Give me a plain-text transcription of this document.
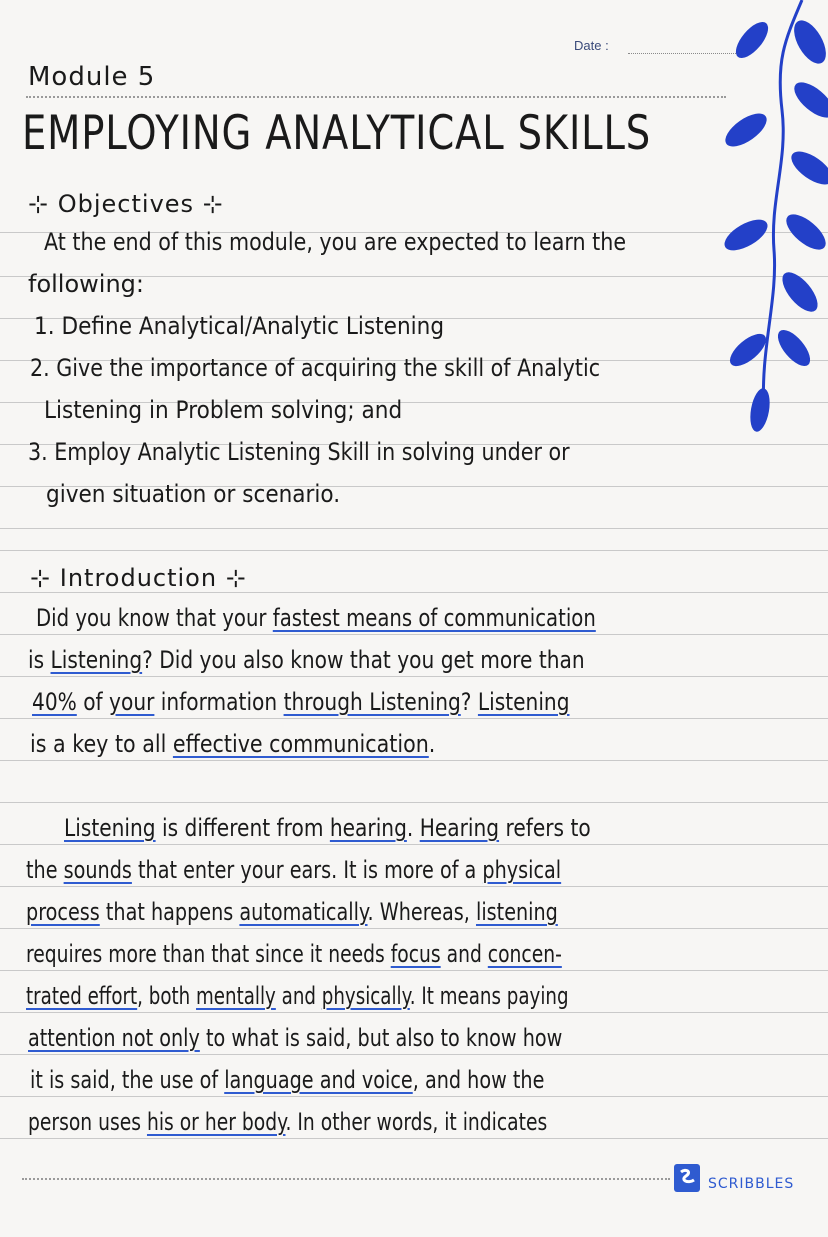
Date :
Module 5
EMPLOYING ANALYTICAL SKILLS
⊹ Objectives ⊹
At the end of this module, you are expected to learn the
following:
1. Define Analytical/Analytic Listening
2. Give the importance of acquiring the skill of Analytic
Listening in Problem solving; and
3. Employ Analytic Listening Skill in solving under or
given situation or scenario.
⊹ Introduction ⊹
Did you know that your fastest means of communication
is Listening? Did you also know that you get more than
40% of your information through Listening? Listening
is a key to all effective communication.
Listening is different from hearing. Hearing refers to
the sounds that enter your ears. It is more of a physical
process that happens automatically. Whereas, listening
requires more than that since it needs focus and concen-
trated effort, both mentally and physically. It means paying
attention not only to what is said, but also to know how
it is said, the use of language and voice, and how the
person uses his or her body. In other words, it indicates
SCRIBBLES
